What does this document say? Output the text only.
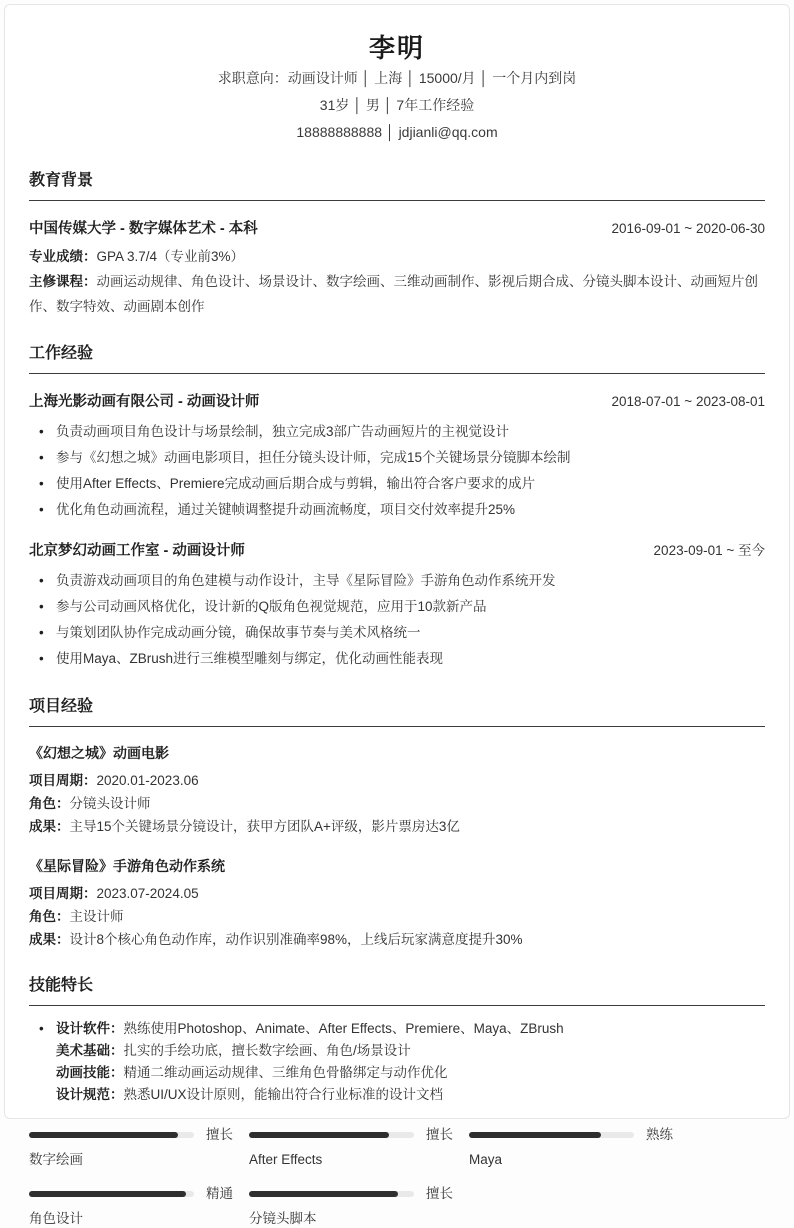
李明
求职意向：动画设计师 │ 上海 │ 15000/月 │ 一个月内到岗
31岁 │ 男 │ 7年工作经验
18888888888 │ jdjianli@qq.com
教育背景
中国传媒大学 - 数字媒体艺术 - 本科	2016-09-01 ~ 2020-06-30
专业成绩：GPA 3.7/4（专业前3%）
主修课程：动画运动规律、角色设计、场景设计、数字绘画、三维动画制作、影视后期合成、分镜头脚本设计、动画短片创作、数字特效、动画剧本创作
工作经验
上海光影动画有限公司 - 动画设计师	2018-07-01 ~ 2023-08-01
• 负责动画项目角色设计与场景绘制，独立完成3部广告动画短片的主视觉设计
• 参与《幻想之城》动画电影项目，担任分镜头设计师，完成15个关键场景分镜脚本绘制
• 使用After Effects、Premiere完成动画后期合成与剪辑，输出符合客户要求的成片
• 优化角色动画流程，通过关键帧调整提升动画流畅度，项目交付效率提升25%
北京梦幻动画工作室 - 动画设计师	2023-09-01 ~ 至今
• 负责游戏动画项目的角色建模与动作设计，主导《星际冒险》手游角色动作系统开发
• 参与公司动画风格优化，设计新的Q版角色视觉规范，应用于10款新产品
• 与策划团队协作完成动画分镜，确保故事节奏与美术风格统一
• 使用Maya、ZBrush进行三维模型雕刻与绑定，优化动画性能表现
项目经验
《幻想之城》动画电影
项目周期：2020.01-2023.06
角色：分镜头设计师
成果：主导15个关键场景分镜设计，获甲方团队A+评级，影片票房达3亿
《星际冒险》手游角色动作系统
项目周期：2023.07-2024.05
角色：主设计师
成果：设计8个核心角色动作库，动作识别准确率98%，上线后玩家满意度提升30%
技能特长
• 设计软件：熟练使用Photoshop、Animate、After Effects、Premiere、Maya、ZBrush
美术基础：扎实的手绘功底，擅长数字绘画、角色/场景设计
动画技能：精通二维动画运动规律、三维角色骨骼绑定与动作优化
设计规范：熟悉UI/UX设计原则，能输出符合行业标准的设计文档
擅长
数字绘画
擅长
After Effects
熟练
Maya
精通
角色设计
擅长
分镜头脚本
